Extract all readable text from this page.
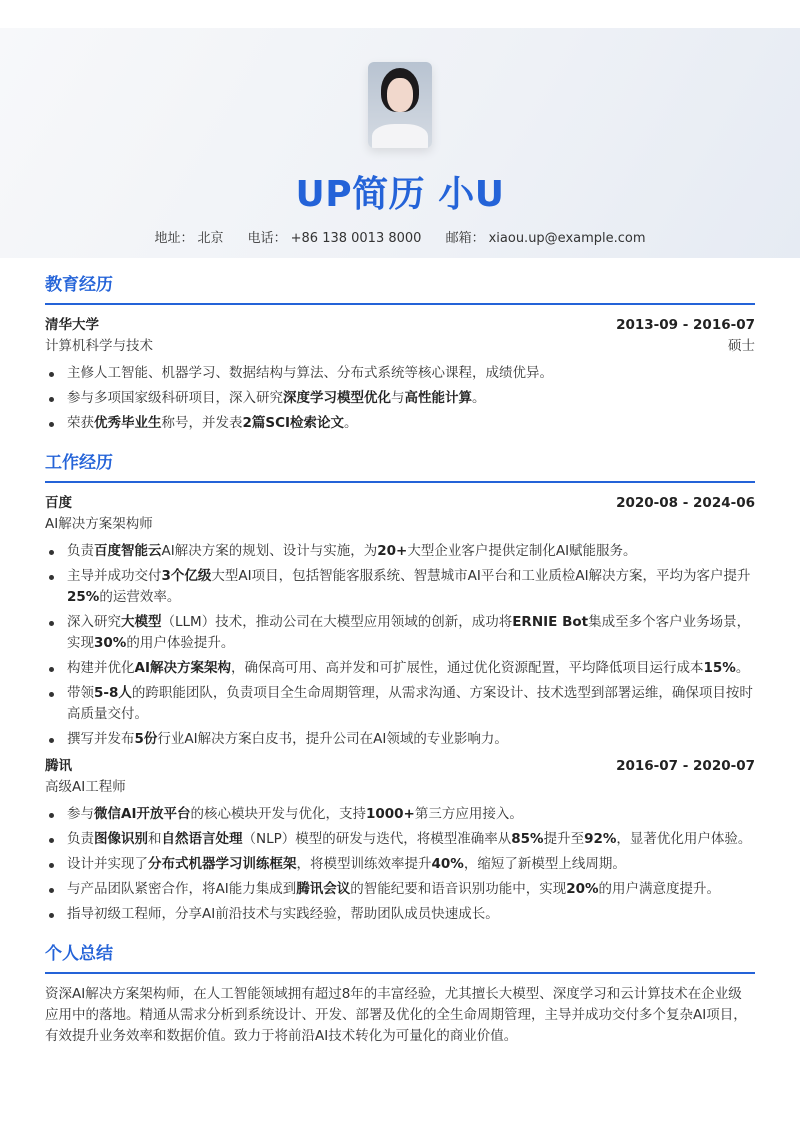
UP简历 小U
地址： 北京 电话： +86 138 0013 8000 邮箱： xiaou.up@example.com
教育经历
清华大学	2013-09 - 2016-07
计算机科学与技术	硕士
主修人工智能、机器学习、数据结构与算法、分布式系统等核心课程，成绩优异。
参与多项国家级科研项目，深入研究深度学习模型优化与高性能计算。
荣获优秀毕业生称号，并发表2篇SCI检索论文。
工作经历
百度	2020-08 - 2024-06
AI解决方案架构师
负责百度智能云AI解决方案的规划、设计与实施，为20+大型企业客户提供定制化AI赋能服务。
主导并成功交付3个亿级大型AI项目，包括智能客服系统、智慧城市AI平台和工业质检AI解决方案，平均为客户提升25%的运营效率。
深入研究大模型（LLM）技术，推动公司在大模型应用领域的创新，成功将ERNIE Bot集成至多个客户业务场景，实现30%的用户体验提升。
构建并优化AI解决方案架构，确保高可用、高并发和可扩展性，通过优化资源配置，平均降低项目运行成本15%。
带领5-8人的跨职能团队，负责项目全生命周期管理，从需求沟通、方案设计、技术选型到部署运维，确保项目按时高质量交付。
撰写并发布5份行业AI解决方案白皮书，提升公司在AI领域的专业影响力。
腾讯	2016-07 - 2020-07
高级AI工程师
参与微信AI开放平台的核心模块开发与优化，支持1000+第三方应用接入。
负责图像识别和自然语言处理（NLP）模型的研发与迭代，将模型准确率从85%提升至92%，显著优化用户体验。
设计并实现了分布式机器学习训练框架，将模型训练效率提升40%，缩短了新模型上线周期。
与产品团队紧密合作，将AI能力集成到腾讯会议的智能纪要和语音识别功能中，实现20%的用户满意度提升。
指导初级工程师，分享AI前沿技术与实践经验，帮助团队成员快速成长。
个人总结
资深AI解决方案架构师，在人工智能领域拥有超过8年的丰富经验，尤其擅长大模型、深度学习和云计算技术在企业级应用中的落地。精通从需求分析到系统设计、开发、部署及优化的全生命周期管理，主导并成功交付多个复杂AI项目，有效提升业务效率和数据价值。致力于将前沿AI技术转化为可量化的商业价值。
